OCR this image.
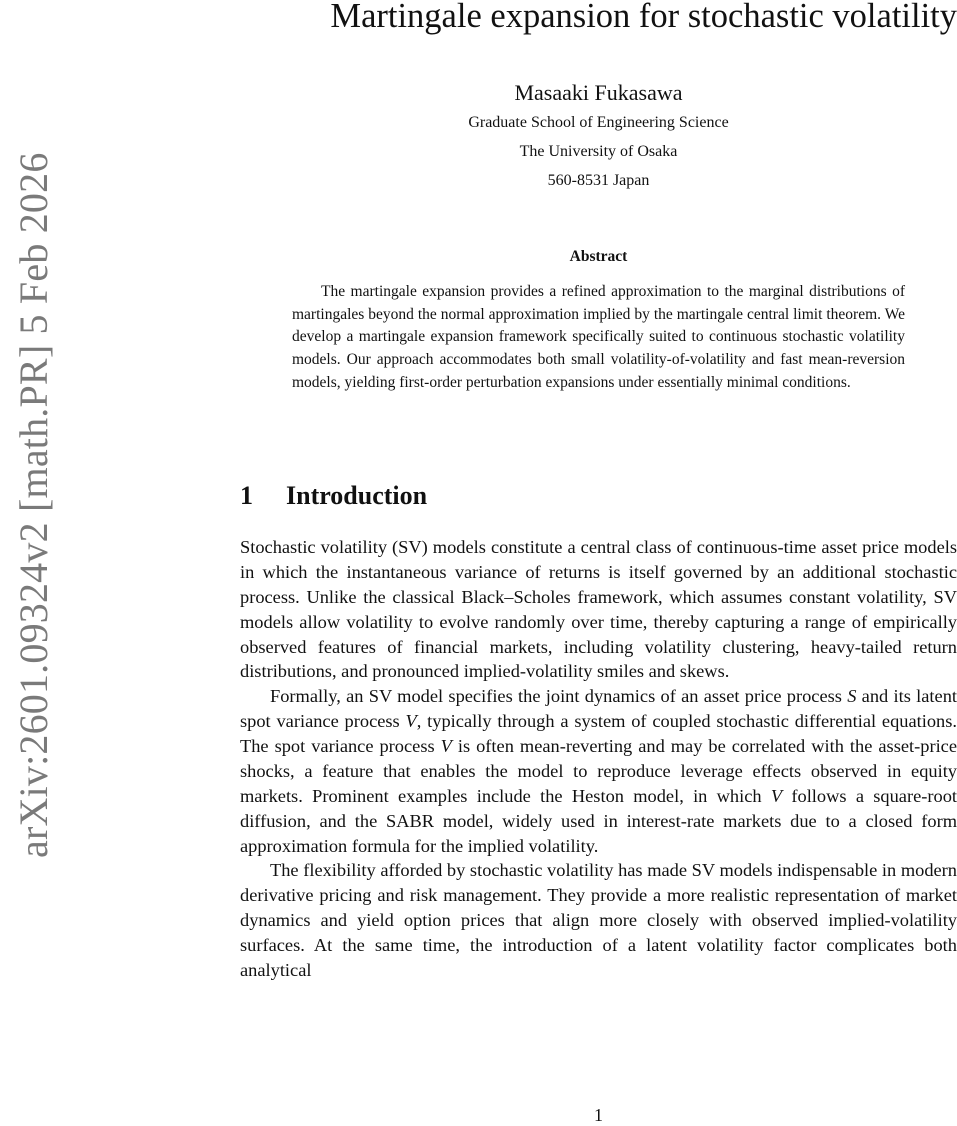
arXiv:2601.09324v2 [math.PR] 5 Feb 2026
Martingale expansion for stochastic volatility
Masaaki Fukasawa
Graduate School of Engineering Science
The University of Osaka
560-8531 Japan
Abstract

The martingale expansion provides a refined approximation to the marginal distributions of martingales beyond the normal approximation implied by the martingale central limit theorem. We develop a martingale expansion framework specifically suited to continuous stochastic volatility models. Our approach accommodates both small volatility-of-volatility and fast mean-reversion models, yielding first-order perturbation expansions under essentially minimal conditions.

1 Introduction

Stochastic volatility (SV) models constitute a central class of continuous-time asset price models in which the instantaneous variance of returns is itself governed by an additional stochastic process. Unlike the classical Black–Scholes framework, which assumes constant volatility, SV models allow volatility to evolve randomly over time, thereby capturing a range of empirically observed features of financial markets, including volatility clustering, heavy-tailed return distributions, and pronounced implied-volatility smiles and skews.

Formally, an SV model specifies the joint dynamics of an asset price process S and its latent spot variance process V, typically through a system of coupled stochastic differential equations. The spot variance process V is often mean-reverting and may be correlated with the asset-price shocks, a feature that enables the model to reproduce leverage effects observed in equity markets. Prominent examples include the Heston model, in which V follows a square-root diffusion, and the SABR model, widely used in interest-rate markets due to a closed form approximation formula for the implied volatility.

The flexibility afforded by stochastic volatility has made SV models indispensable in modern derivative pricing and risk management. They provide a more realistic representation of market dynamics and yield option prices that align more closely with observed implied-volatility surfaces. At the same time, the introduction of a latent volatility factor complicates both analytical

1
